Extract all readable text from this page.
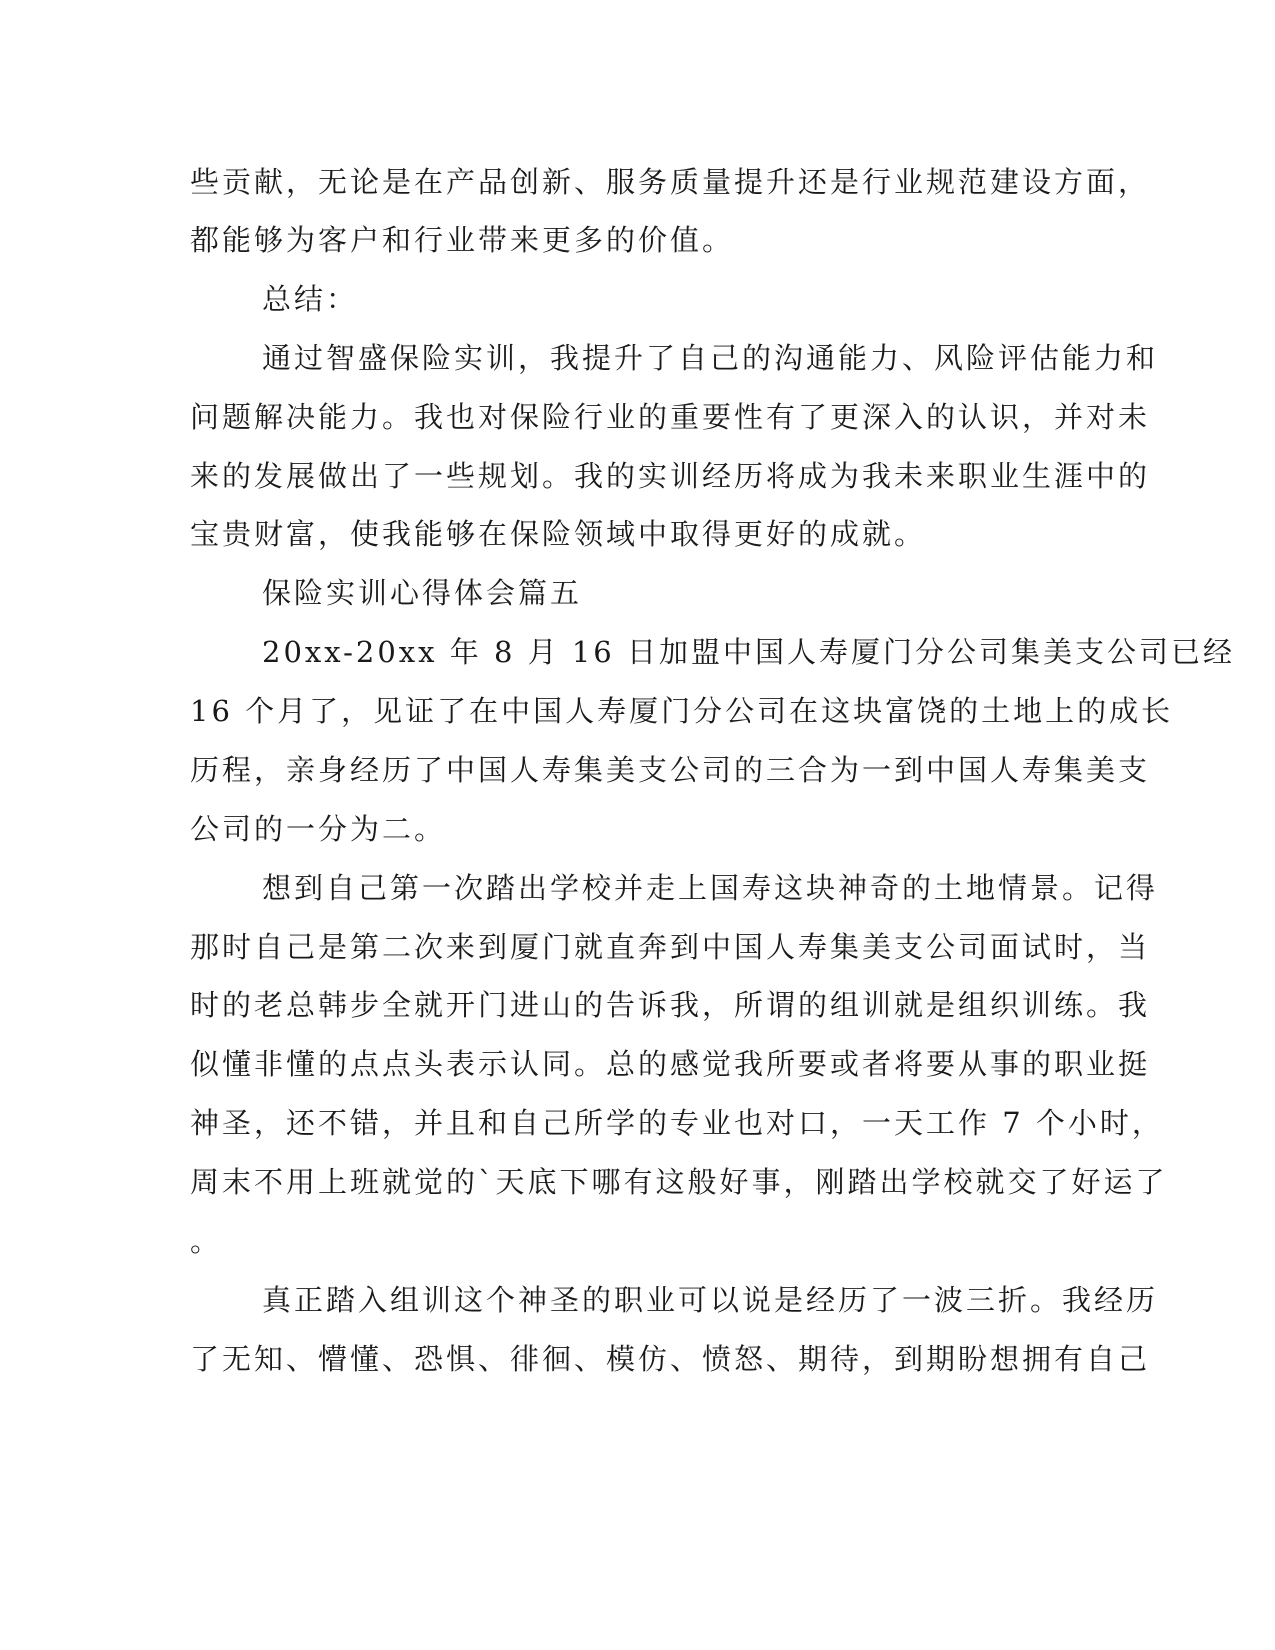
些贡献，无论是在产品创新、服务质量提升还是行业规范建设方面，
都能够为客户和行业带来更多的价值。
总结：
通过智盛保险实训，我提升了自己的沟通能力、风险评估能力和
问题解决能力。我也对保险行业的重要性有了更深入的认识，并对未
来的发展做出了一些规划。我的实训经历将成为我未来职业生涯中的
宝贵财富，使我能够在保险领域中取得更好的成就。
保险实训心得体会篇五
20xx-20xx 年 8 月 16 日加盟中国人寿厦门分公司集美支公司已经
16 个月了，见证了在中国人寿厦门分公司在这块富饶的土地上的成长
历程，亲身经历了中国人寿集美支公司的三合为一到中国人寿集美支
公司的一分为二。
想到自己第一次踏出学校并走上国寿这块神奇的土地情景。记得
那时自己是第二次来到厦门就直奔到中国人寿集美支公司面试时，当
时的老总韩步全就开门进山的告诉我，所谓的组训就是组织训练。我
似懂非懂的点点头表示认同。总的感觉我所要或者将要从事的职业挺
神圣，还不错，并且和自己所学的专业也对口，一天工作 7 个小时，
周末不用上班就觉的`天底下哪有这般好事，刚踏出学校就交了好运了
。
真正踏入组训这个神圣的职业可以说是经历了一波三折。我经历
了无知、懵懂、恐惧、徘徊、模仿、愤怒、期待，到期盼想拥有自己
